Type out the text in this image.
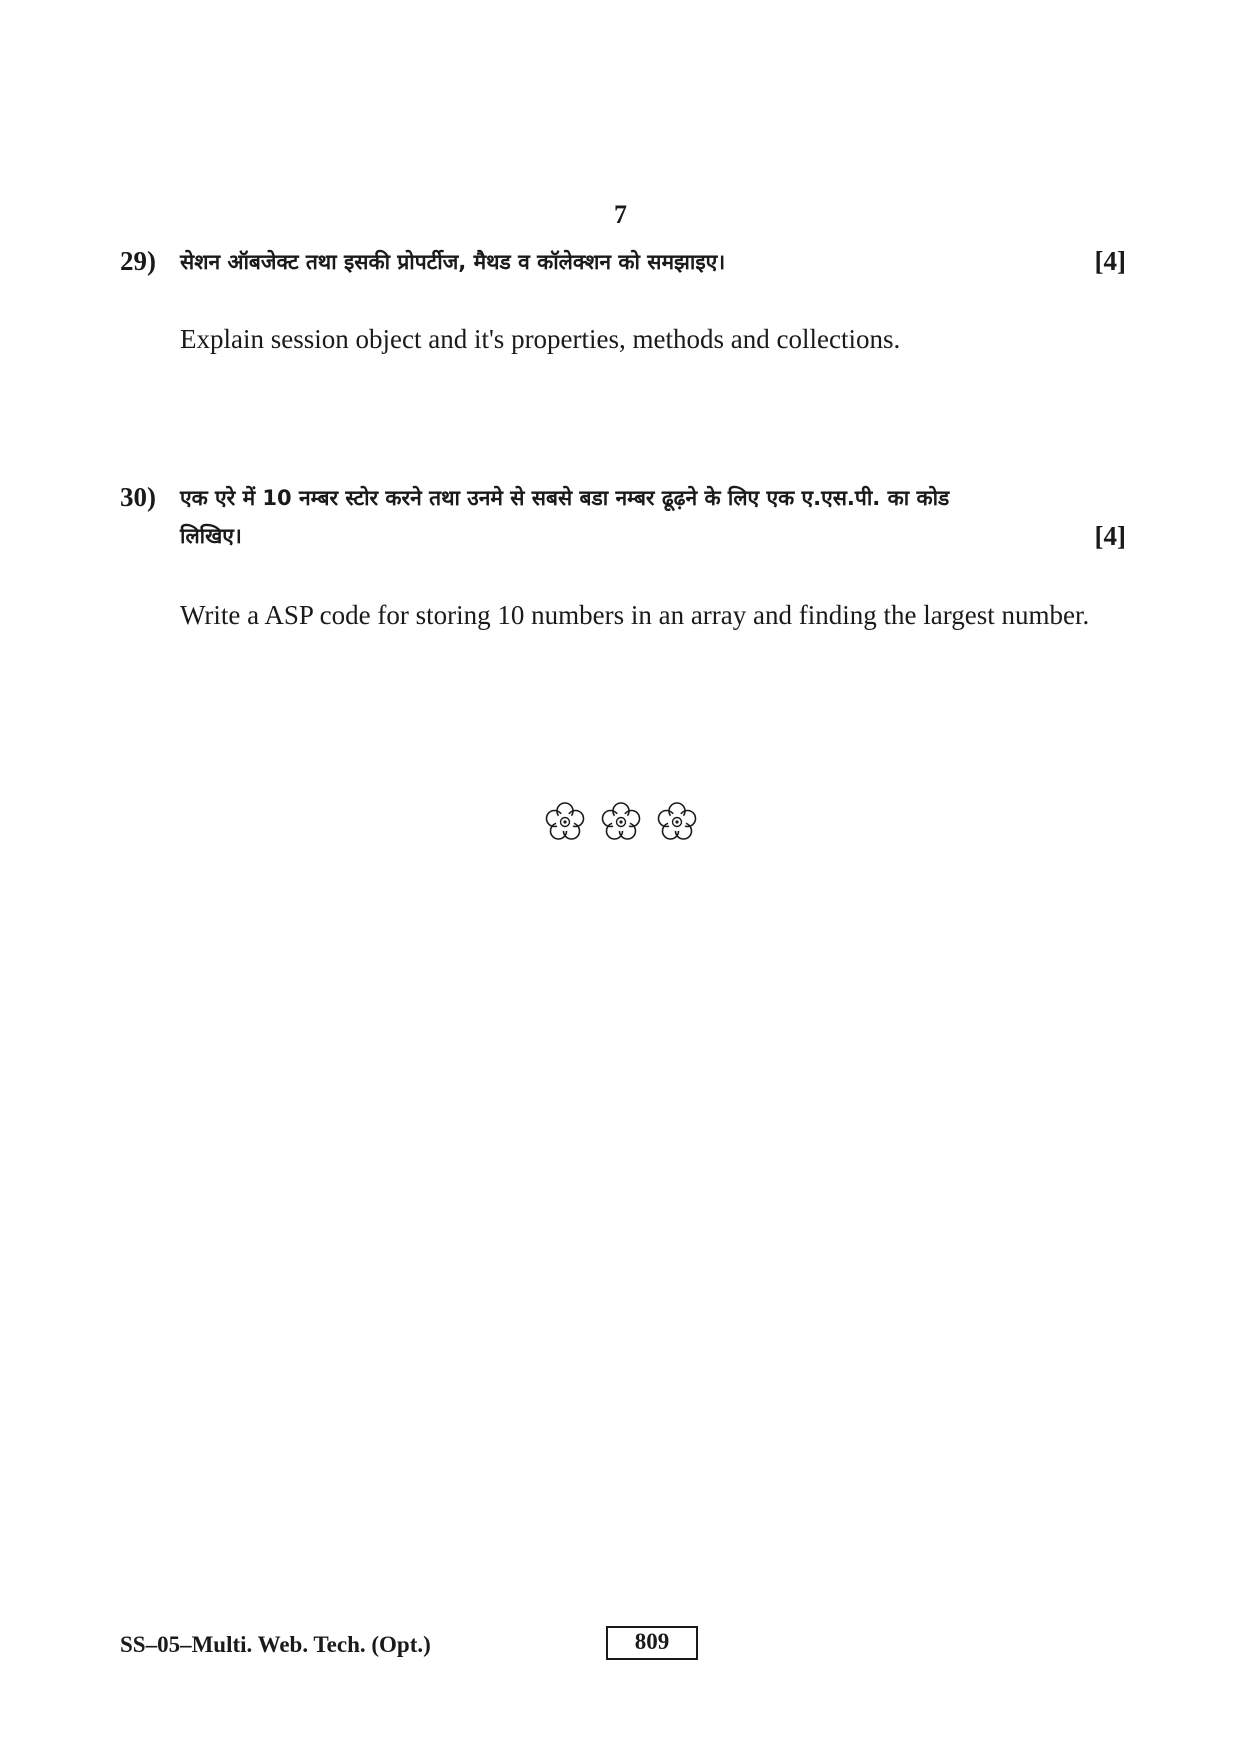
7
29) सेशन ऑबजेक्ट तथा इसकी प्रोपर्टीज, मैथड व कॉलेक्शन को समझाइए।	[4]
Explain session object and it's properties, methods and collections.
30) एक एरे में 10 नम्बर स्टोर करने तथा उनमे से सबसे बडा नम्बर ढूढ़ने के लिए एक ए.एस.पी. का कोड
लिखिए।	[4]
Write a ASP code for storing 10 numbers in an array and finding the largest number.
SS–05–Multi. Web. Tech. (Opt.)	809
